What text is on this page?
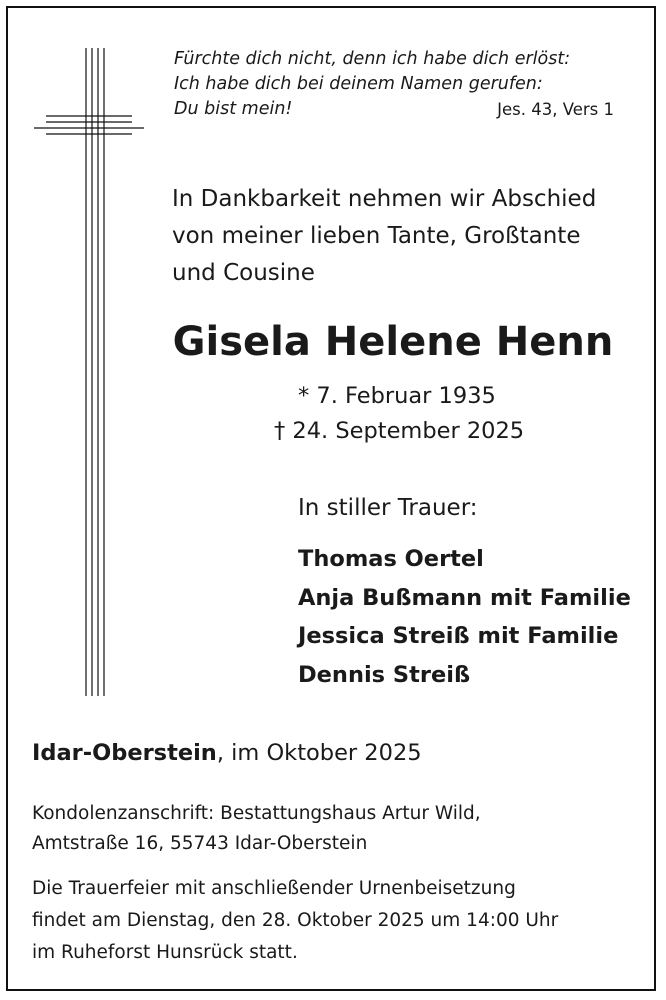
Fürchte dich nicht, denn ich habe dich erlöst:
Ich habe dich bei deinem Namen gerufen:
Du bist mein!	Jes. 43, Vers 1
In Dankbarkeit nehmen wir Abschied
von meiner lieben Tante, Großtante
und Cousine
Gisela Helene Henn
* 7. Februar 1935
† 24. September 2025
In stiller Trauer:
Thomas Oertel
Anja Bußmann mit Familie
Jessica Streiß mit Familie
Dennis Streiß
Idar-Oberstein, im Oktober 2025
Kondolenzanschrift: Bestattungshaus Artur Wild,
Amtstraße 16, 55743 Idar-Oberstein
Die Trauerfeier mit anschließender Urnenbeisetzung
findet am Dienstag, den 28. Oktober 2025 um 14:00 Uhr
im Ruheforst Hunsrück statt.
